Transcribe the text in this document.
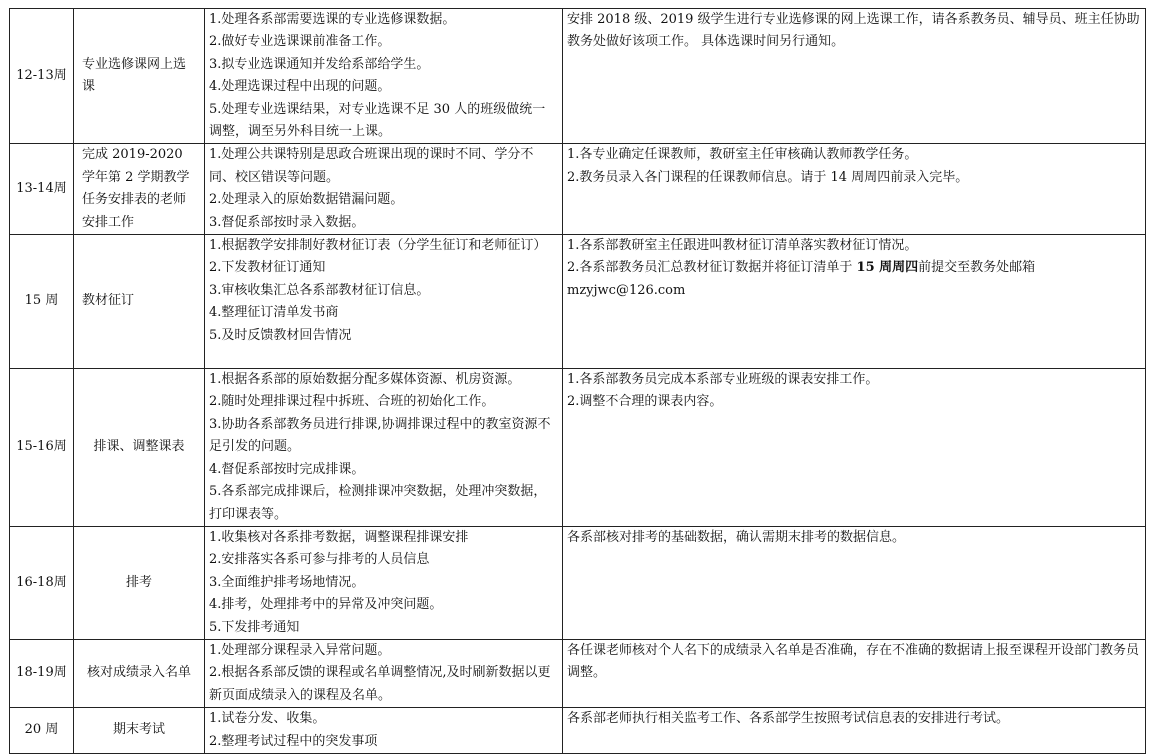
12-13周	专业选修课网上选课	1.处理各系部需要选课的专业选修课数据。
2.做好专业选课课前准备工作。
3.拟专业选课通知并发给系部给学生。
4.处理选课过程中出现的问题。
5.处理专业选课结果，对专业选课不足 30 人的班级做统一调整，调至另外科目统一上课。	安排 2018 级、2019 级学生进行专业选修课的网上选课工作，请各系教务员、辅导员、班主任协助教务处做好该项工作。 具体选课时间另行通知。

13-14周	完成 2019-2020 学年第 2 学期教学任务安排表的老师安排工作	1.处理公共课特别是思政合班课出现的课时不同、学分不同、校区错误等问题。
2.处理录入的原始数据错漏问题。
3.督促系部按时录入数据。	1.各专业确定任课教师，教研室主任审核确认教师教学任务。
2.教务员录入各门课程的任课教师信息。请于 14 周周四前录入完毕。

15 周	教材征订	1.根据教学安排制好教材征订表（分学生征订和老师征订）
2.下发教材征订通知
3.审核收集汇总各系部教材征订信息。
4.整理征订清单发书商
5.及时反馈教材回告情况	1.各系部教研室主任跟进叫教材征订清单落实教材征订情况。
2.各系部教务员汇总教材征订数据并将征订清单于 15 周周四前提交至教务处邮箱
mzyjwc@126.com

15-16周	排课、调整课表	1.根据各系部的原始数据分配多媒体资源、机房资源。
2.随时处理排课过程中拆班、合班的初始化工作。
3.协助各系部教务员进行排课,协调排课过程中的教室资源不足引发的问题。
4.督促系部按时完成排课。
5.各系部完成排课后，检测排课冲突数据，处理冲突数据，打印课表等。	1.各系部教务员完成本系部专业班级的课表安排工作。
2.调整不合理的课表内容。

16-18周	排考	1.收集核对各系排考数据，调整课程排课安排
2.安排落实各系可参与排考的人员信息
3.全面维护排考场地情况。
4.排考，处理排考中的异常及冲突问题。
5.下发排考通知	各系部核对排考的基础数据，确认需期末排考的数据信息。

18-19周	核对成绩录入名单	1.处理部分课程录入异常问题。
2.根据各系部反馈的课程或名单调整情况,及时刷新数据以更新页面成绩录入的课程及名单。	各任课老师核对个人名下的成绩录入名单是否准确，存在不准确的数据请上报至课程开设部门教务员调整。

20 周	期末考试	1.试卷分发、收集。
2.整理考试过程中的突发事项	各系部老师执行相关监考工作、各系部学生按照考试信息表的安排进行考试。
